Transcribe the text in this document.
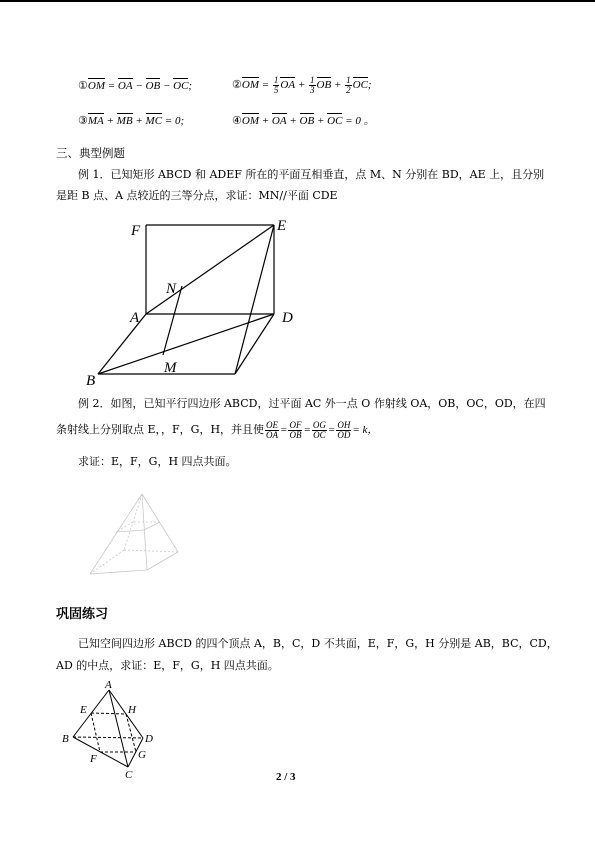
①OM = OA − OB − OC;	②OM = $\frac{1}{5}$ OA + $\frac{1}{3}$ OB + $\frac{1}{2}$ OC;
③MA + MB + MC = 0;	④OM + OA + OB + OC = 0 。
三、典型例题
例 1．已知矩形 ABCD 和 ADEF 所在的平面互相垂直，点 M、N 分别在 BD，AE 上，且分别
是距 B 点、A 点较近的三等分点，求证：MN//平面 CDE
F	E
N
A	D
M
B
例 2．如图，已知平行四边形 ABCD，过平面 AC 外一点 O 作射线 OA，OB，OC，OD，在四
条射线上分别取点 E，，F，G，H，并且使 $\frac{OE}{OA} = \frac{OF}{OB} = \frac{OG}{OC} = \frac{OH}{OD} = k$，
求证：E，F，G，H 四点共面。
巩固练习
已知空间四边形 ABCD 的四个顶点 A，B，C，D 不共面，E，F，G，H 分别是 AB，BC，CD，
AD 的中点，求证：E，F，G，H 四点共面。
A
E	H
B	D
F	G
C	2 / 3
